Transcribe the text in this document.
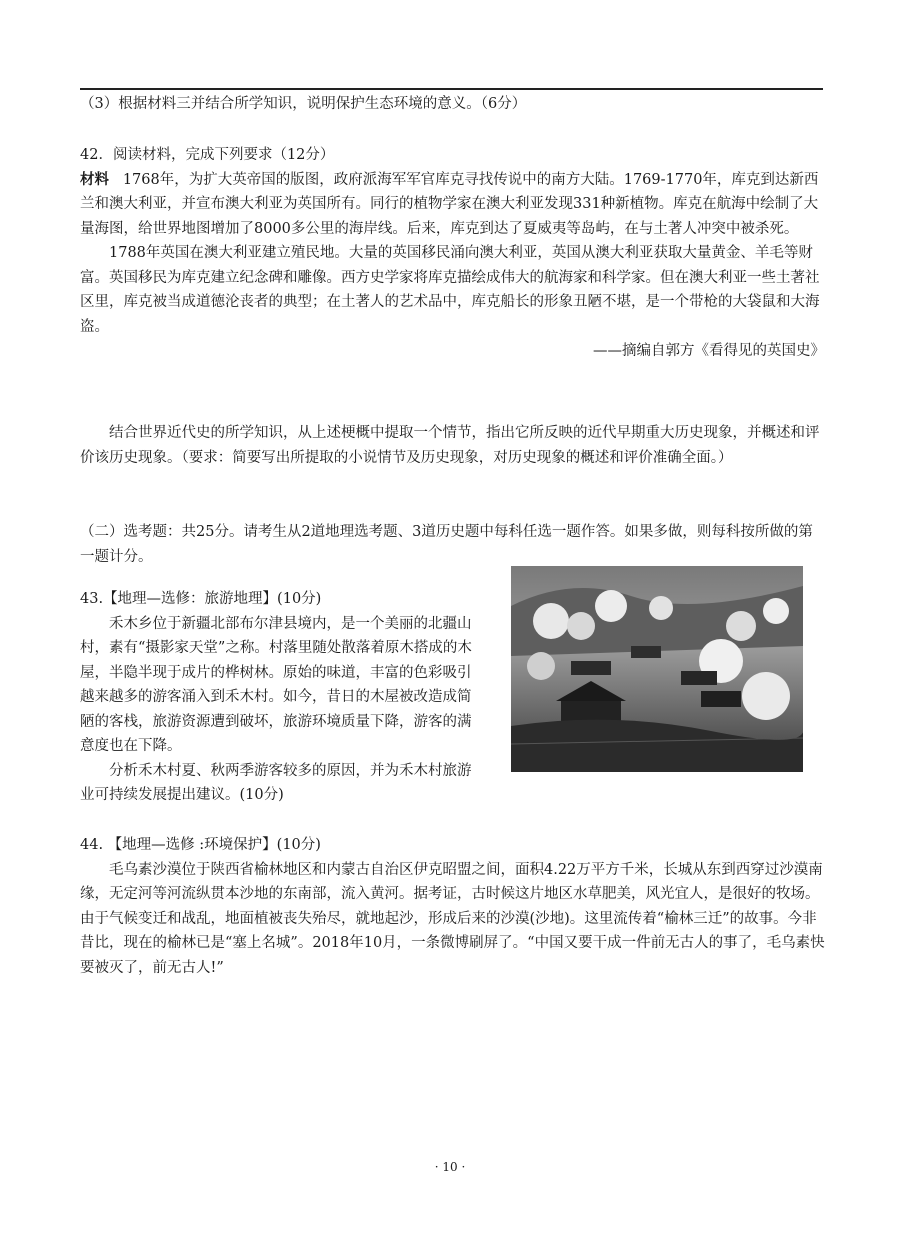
（3）根据材料三并结合所学知识，说明保护生态环境的意义。（6分）

42．阅读材料，完成下列要求（12分）

材料 1768年，为扩大英帝国的版图，政府派海军军官库克寻找传说中的南方大陆。1769-1770年，库克到达新西兰和澳大利亚，并宣布澳大利亚为英国所有。同行的植物学家在澳大利亚发现331种新植物。库克在航海中绘制了大量海图，给世界地图增加了8000多公里的海岸线。后来，库克到达了夏威夷等岛屿，在与土著人冲突中被杀死。

1788年英国在澳大利亚建立殖民地。大量的英国移民涌向澳大利亚，英国从澳大利亚获取大量黄金、羊毛等财富。英国移民为库克建立纪念碑和雕像。西方史学家将库克描绘成伟大的航海家和科学家。但在澳大利亚一些土著社区里，库克被当成道德沦丧者的典型；在土著人的艺术品中，库克船长的形象丑陋不堪，是一个带枪的大袋鼠和大海盗。

——摘编自郭方《看得见的英国史》

结合世界近代史的所学知识，从上述梗概中提取一个情节，指出它所反映的近代早期重大历史现象，并概述和评价该历史现象。（要求：简要写出所提取的小说情节及历史现象，对历史现象的概述和评价准确全面。）

（二）选考题：共25分。请考生从2道地理选考题、3道历史题中每科任选一题作答。如果多做，则每科按所做的第一题计分。

43.【地理—选修：旅游地理】(10分)

禾木乡位于新疆北部布尔津县境内，是一个美丽的北疆山村，素有“摄影家天堂”之称。村落里随处散落着原木搭成的木屋，半隐半现于成片的桦树林。原始的味道，丰富的色彩吸引越来越多的游客涌入到禾木村。如今，昔日的木屋被改造成简陋的客栈，旅游资源遭到破坏，旅游环境质量下降，游客的满意度也在下降。

分析禾木村夏、秋两季游客较多的原因，并为禾木村旅游业可持续发展提出建议。(10分)

44. 【地理—选修 :环境保护】(10分)

毛乌素沙漠位于陕西省榆林地区和内蒙古自治区伊克昭盟之间，面积4.22万平方千米，长城从东到西穿过沙漠南缘，无定河等河流纵贯本沙地的东南部，流入黄河。据考证，古时候这片地区水草肥美，风光宜人，是很好的牧场。由于气候变迁和战乱，地面植被丧失殆尽，就地起沙，形成后来的沙漠(沙地)。这里流传着“榆林三迁”的故事。今非昔比，现在的榆林已是“塞上名城”。2018年10月，一条微博刷屏了。“中国又要干成一件前无古人的事了，毛乌素快要被灭了，前无古人!”

· 10 ·
